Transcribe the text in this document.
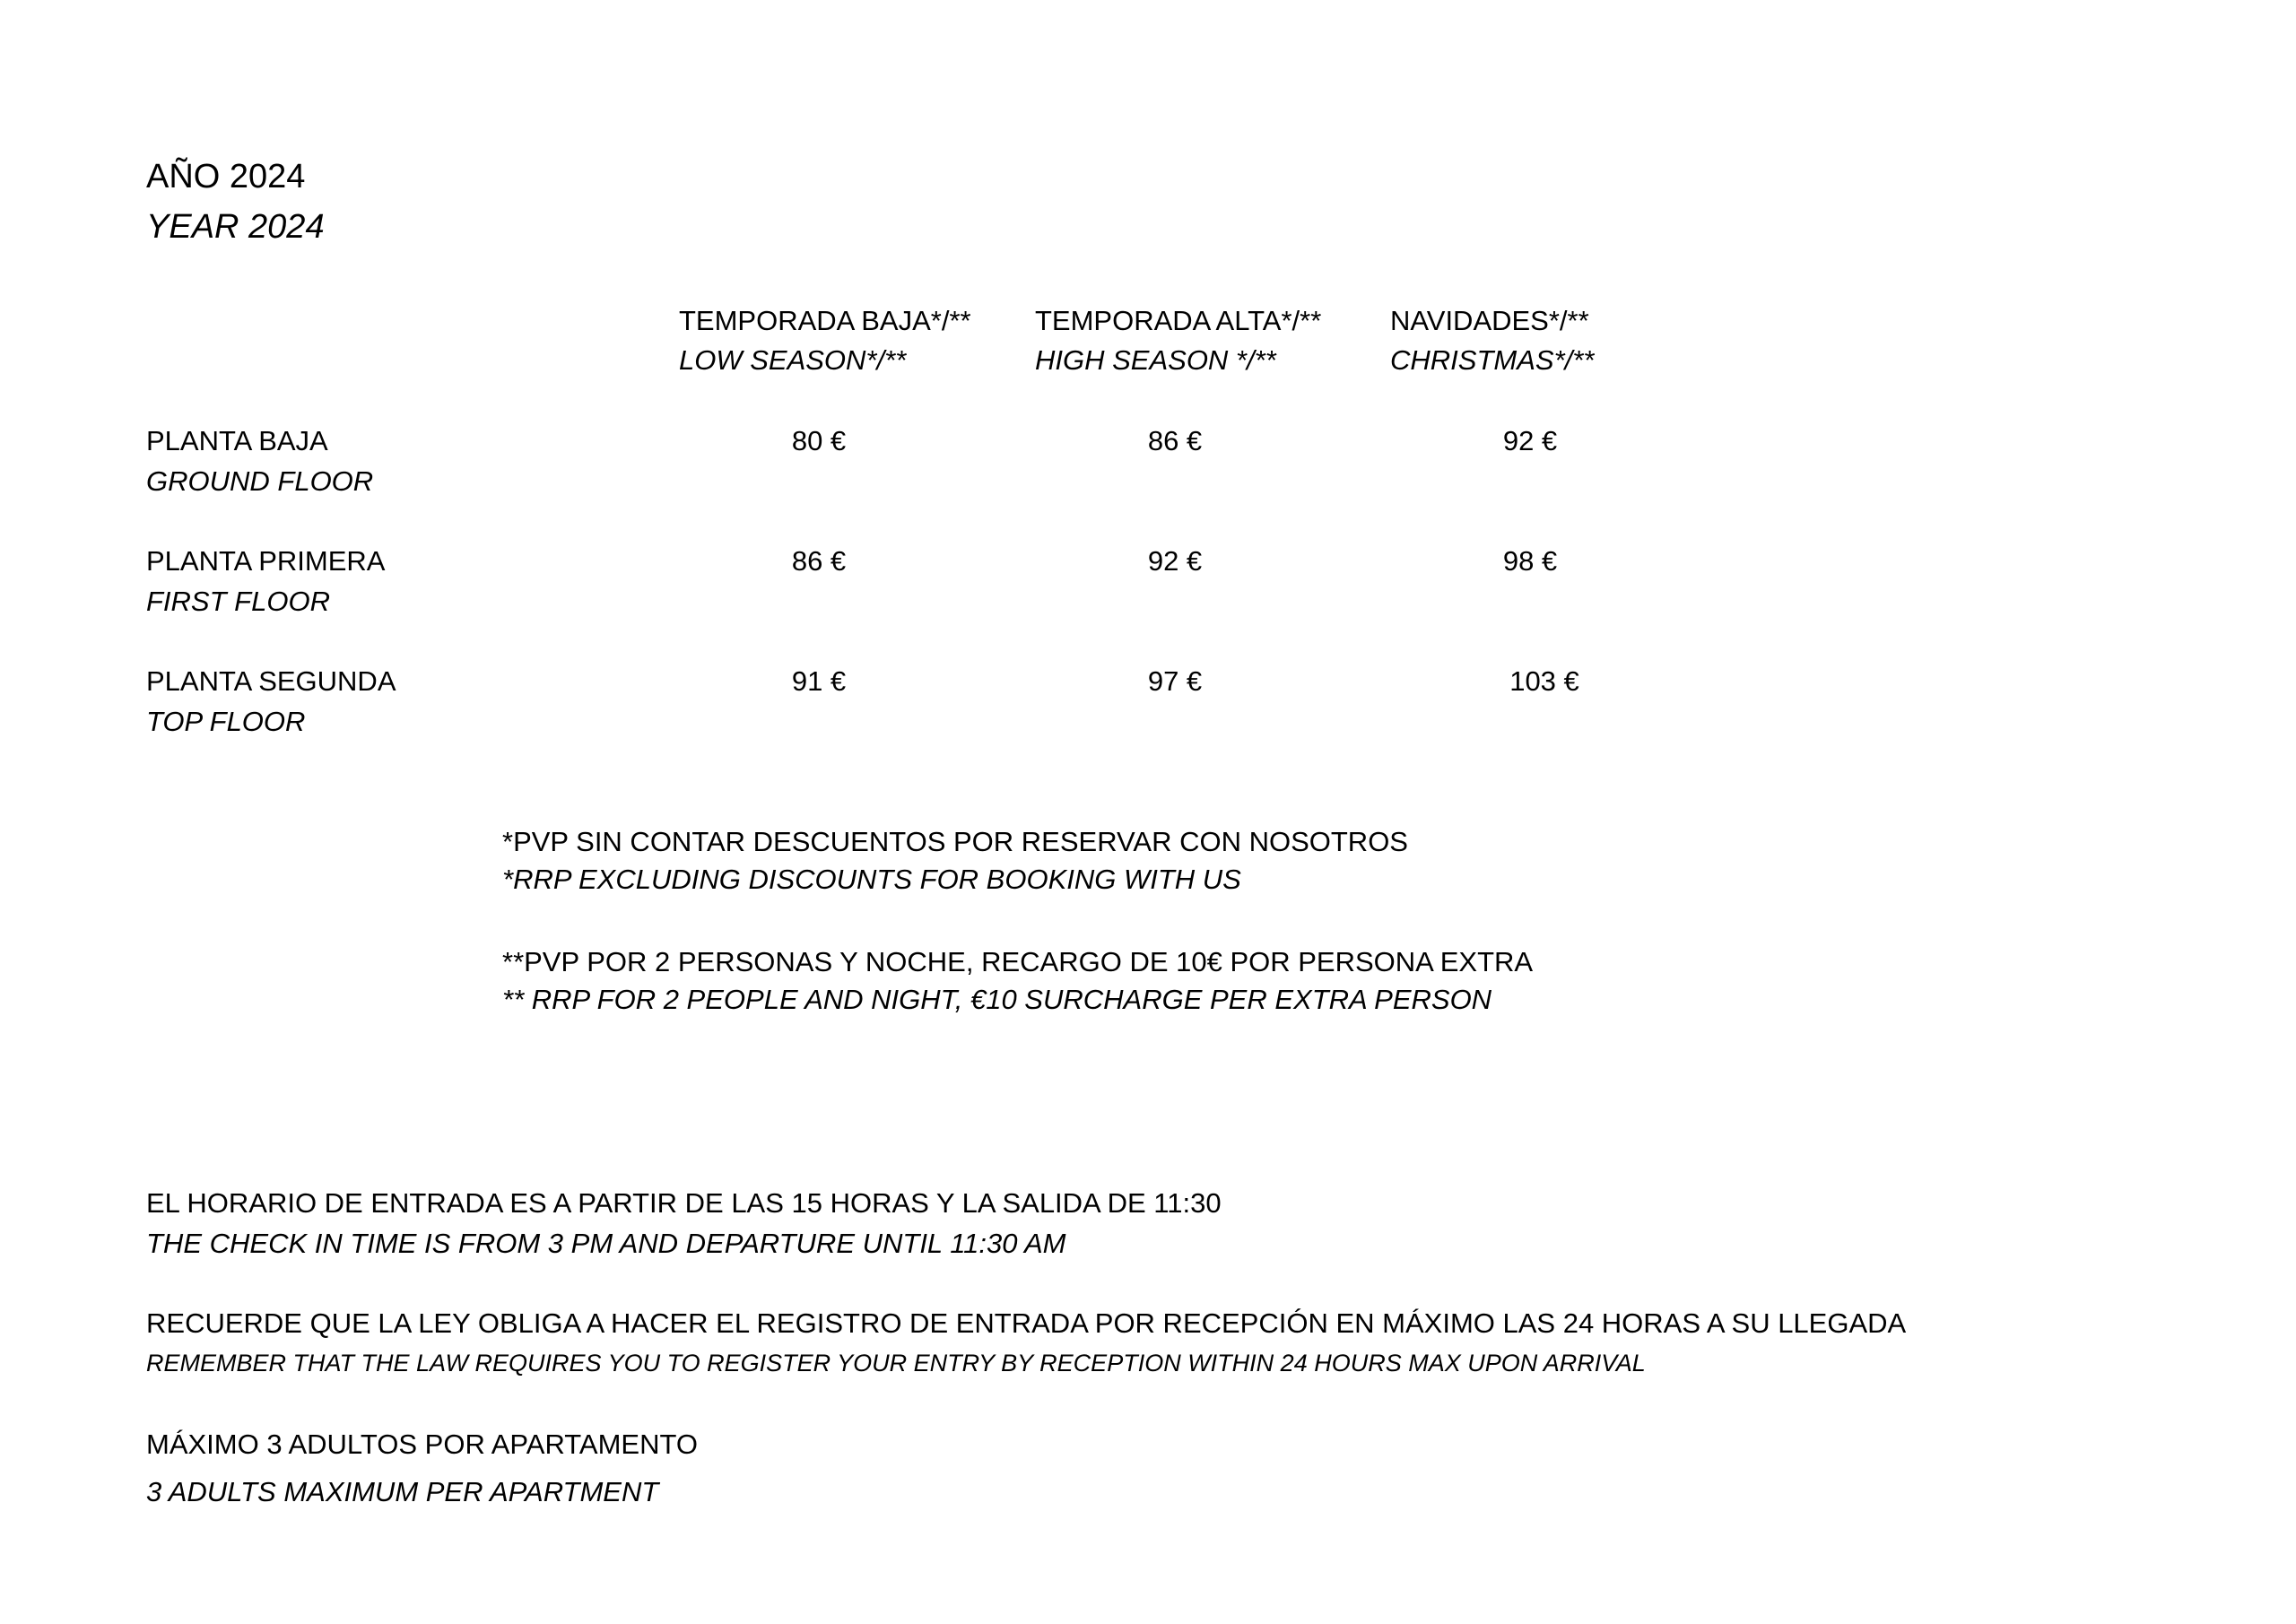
AÑO 2024
YEAR 2024
TEMPORADA BAJA*/**
LOW SEASON*/**
TEMPORADA ALTA*/**
HIGH SEASON */**
NAVIDADES*/**
CHRISTMAS*/**
PLANTA BAJA
GROUND FLOOR
80 €	86 €	92 €
PLANTA PRIMERA
FIRST FLOOR
86 €	92 €	98 €
PLANTA SEGUNDA
TOP FLOOR
91 €	97 €	103 €
*PVP SIN CONTAR DESCUENTOS POR RESERVAR CON NOSOTROS
*RRP EXCLUDING DISCOUNTS FOR BOOKING WITH US
**PVP POR 2 PERSONAS Y NOCHE, RECARGO DE 10€ POR PERSONA EXTRA
** RRP FOR 2 PEOPLE AND NIGHT, €10 SURCHARGE PER EXTRA PERSON
EL HORARIO DE ENTRADA ES A PARTIR DE LAS 15 HORAS Y LA SALIDA DE 11:30
THE CHECK IN TIME IS FROM 3 PM AND DEPARTURE UNTIL 11:30 AM
RECUERDE QUE LA LEY OBLIGA A HACER EL REGISTRO DE ENTRADA POR RECEPCIÓN EN MÁXIMO LAS 24 HORAS A SU LLEGADA
REMEMBER THAT THE LAW REQUIRES YOU TO REGISTER YOUR ENTRY BY RECEPTION WITHIN 24 HOURS MAX UPON ARRIVAL
MÁXIMO 3 ADULTOS POR APARTAMENTO
3 ADULTS MAXIMUM PER APARTMENT
